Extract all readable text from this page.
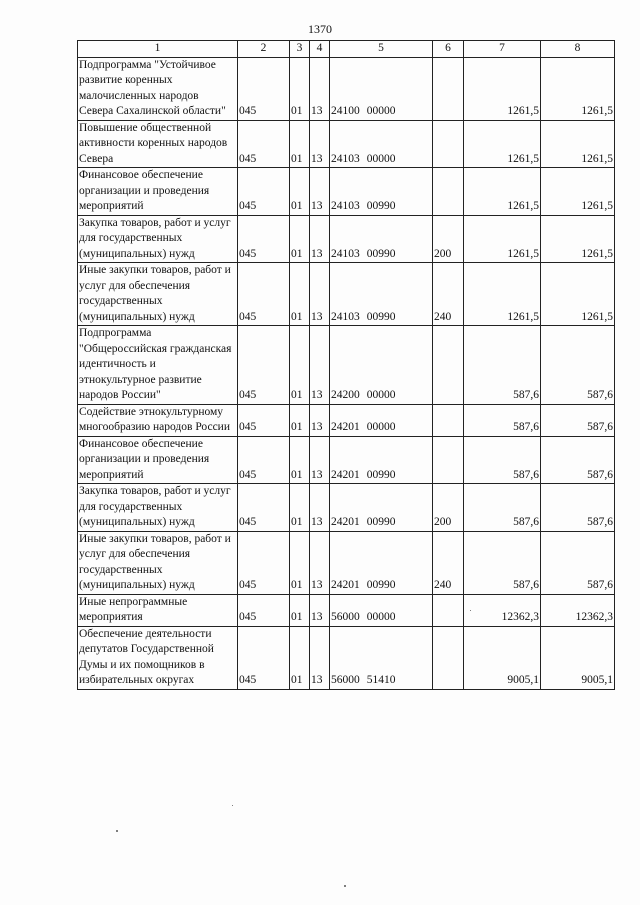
1370
1	2	3	4	5	6	7	8
Подпрограмма "Устойчивое развитие коренных малочисленных народов Севера Сахалинской области"	045	01	13	24100 00000		1261,5	1261,5
Повышение общественной активности коренных народов Севера	045	01	13	24103 00000		1261,5	1261,5
Финансовое обеспечение организации и проведения мероприятий	045	01	13	24103 00990		1261,5	1261,5
Закупка товаров, работ и услуг для государственных (муниципальных) нужд	045	01	13	24103 00990	200	1261,5	1261,5
Иные закупки товаров, работ и услуг для обеспечения государственных (муниципальных) нужд	045	01	13	24103 00990	240	1261,5	1261,5
Подпрограмма "Общероссийская гражданская идентичность и этнокультурное развитие народов России"	045	01	13	24200 00000		587,6	587,6
Содействие этнокультурному многообразию народов России	045	01	13	24201 00000		587,6	587,6
Финансовое обеспечение организации и проведения мероприятий	045	01	13	24201 00990		587,6	587,6
Закупка товаров, работ и услуг для государственных (муниципальных) нужд	045	01	13	24201 00990	200	587,6	587,6
Иные закупки товаров, работ и услуг для обеспечения государственных (муниципальных) нужд	045	01	13	24201 00990	240	587,6	587,6
Иные непрограммные мероприятия	045	01	13	56000 00000		12362,3	12362,3
Обеспечение деятельности депутатов Государственной Думы и их помощников в избирательных округах	045	01	13	56000 51410		9005,1	9005,1
